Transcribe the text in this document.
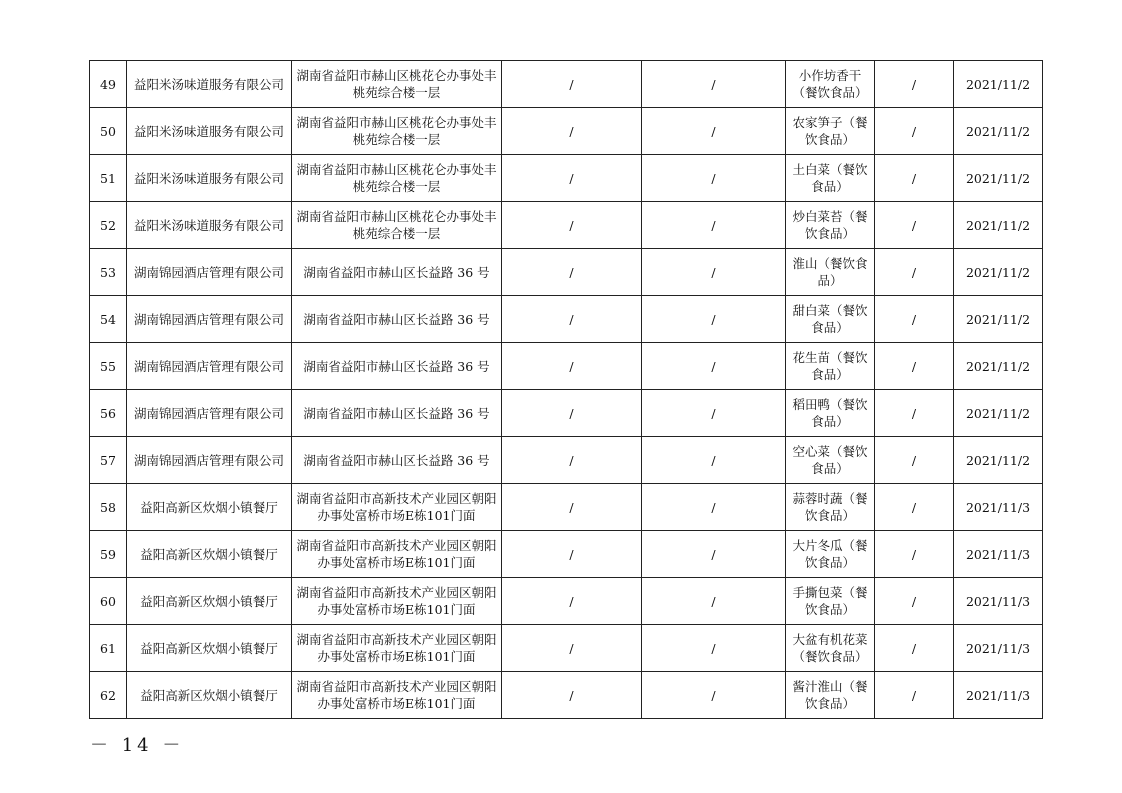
49	益阳米汤味道服务有限公司	湖南省益阳市赫山区桃花仑办事处丰桃苑综合楼一层	/	/	小作坊香干（餐饮食品）	/	2021/11/2
50	益阳米汤味道服务有限公司	湖南省益阳市赫山区桃花仑办事处丰桃苑综合楼一层	/	/	农家笋子（餐饮食品）	/	2021/11/2
51	益阳米汤味道服务有限公司	湖南省益阳市赫山区桃花仑办事处丰桃苑综合楼一层	/	/	土白菜（餐饮食品）	/	2021/11/2
52	益阳米汤味道服务有限公司	湖南省益阳市赫山区桃花仑办事处丰桃苑综合楼一层	/	/	炒白菜苔（餐饮食品）	/	2021/11/2
53	湖南锦园酒店管理有限公司	湖南省益阳市赫山区长益路 36 号	/	/	淮山（餐饮食品）	/	2021/11/2
54	湖南锦园酒店管理有限公司	湖南省益阳市赫山区长益路 36 号	/	/	甜白菜（餐饮食品）	/	2021/11/2
55	湖南锦园酒店管理有限公司	湖南省益阳市赫山区长益路 36 号	/	/	花生苗（餐饮食品）	/	2021/11/2
56	湖南锦园酒店管理有限公司	湖南省益阳市赫山区长益路 36 号	/	/	稻田鸭（餐饮食品）	/	2021/11/2
57	湖南锦园酒店管理有限公司	湖南省益阳市赫山区长益路 36 号	/	/	空心菜（餐饮食品）	/	2021/11/2
58	益阳高新区炊烟小镇餐厅	湖南省益阳市高新技术产业园区朝阳办事处富桥市场E栋101门面	/	/	蒜蓉时蔬（餐饮食品）	/	2021/11/3
59	益阳高新区炊烟小镇餐厅	湖南省益阳市高新技术产业园区朝阳办事处富桥市场E栋101门面	/	/	大片冬瓜（餐饮食品）	/	2021/11/3
60	益阳高新区炊烟小镇餐厅	湖南省益阳市高新技术产业园区朝阳办事处富桥市场E栋101门面	/	/	手撕包菜（餐饮食品）	/	2021/11/3
61	益阳高新区炊烟小镇餐厅	湖南省益阳市高新技术产业园区朝阳办事处富桥市场E栋101门面	/	/	大盆有机花菜（餐饮食品）	/	2021/11/3
62	益阳高新区炊烟小镇餐厅	湖南省益阳市高新技术产业园区朝阳办事处富桥市场E栋101门面	/	/	酱汁淮山（餐饮食品）	/	2021/11/3
－ 14 －
